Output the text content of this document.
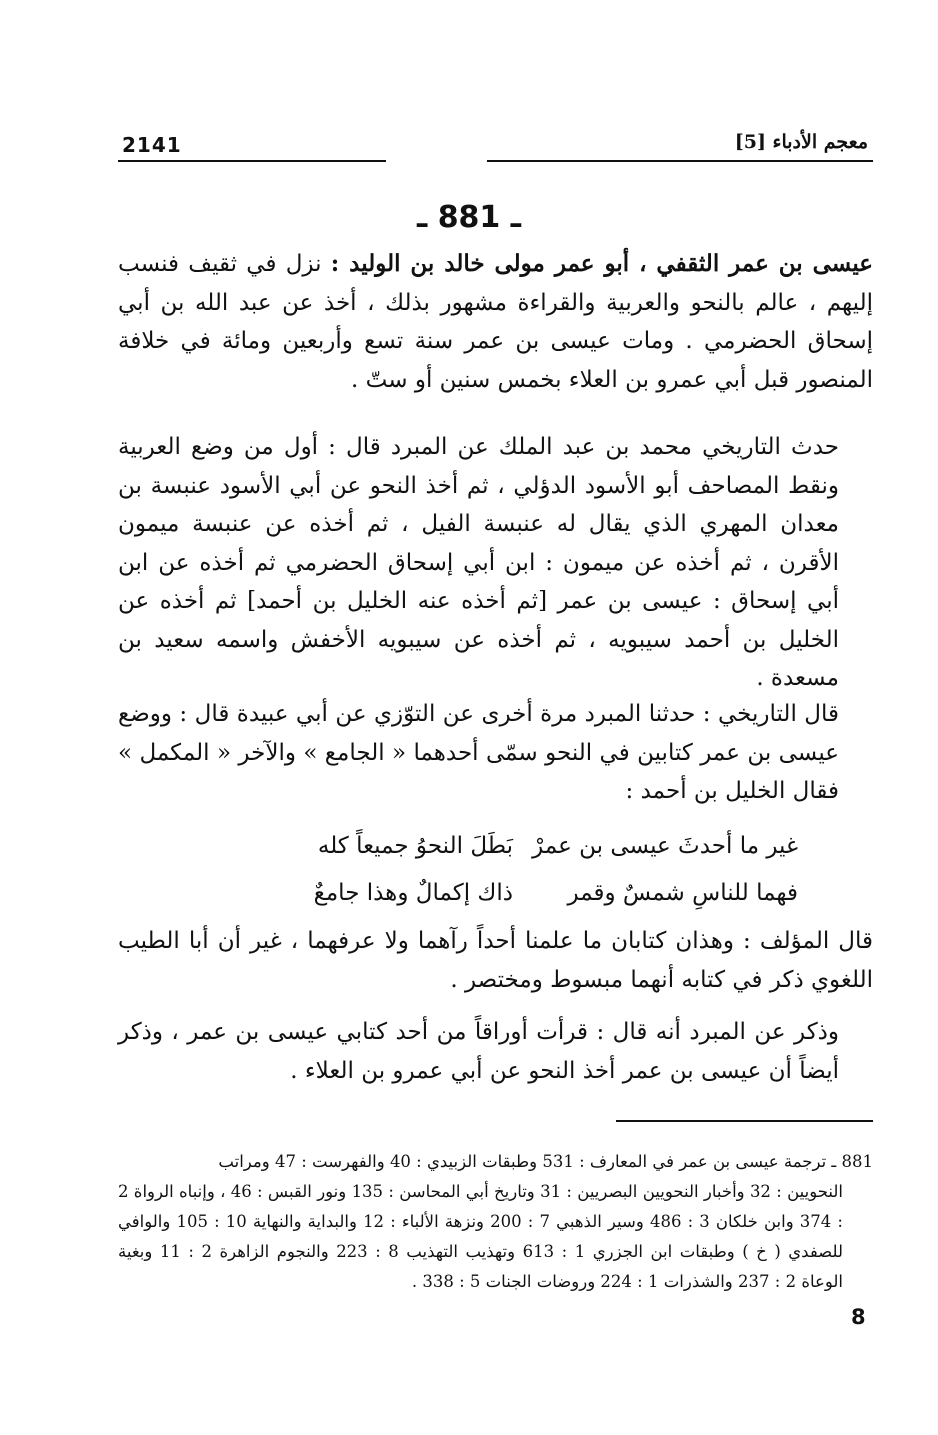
2141	معجم الأدباء [5]
ـ 881 ـ

عيسى بن عمر الثقفي ، أبو عمر مولى خالد بن الوليد : نزل في ثقيف فنسب إليهم ، عالم بالنحو والعربية والقراءة مشهور بذلك ، أخذ عن عبد الله بن أبي إسحاق الحضرمي . ومات عيسى بن عمر سنة تسع وأربعين ومائة في خلافة المنصور قبل أبي عمرو بن العلاء بخمس سنين أو ستّ .

حدث التاريخي محمد بن عبد الملك عن المبرد قال : أول من وضع العربية ونقط المصاحف أبو الأسود الدؤلي ، ثم أخذ النحو عن أبي الأسود عنبسة بن معدان المهري الذي يقال له عنبسة الفيل ، ثم أخذه عن عنبسة ميمون الأقرن ، ثم أخذه عن ميمون : ابن أبي إسحاق الحضرمي ثم أخذه عن ابن أبي إسحاق : عيسى بن عمر [ثم أخذه عنه الخليل بن أحمد] ثم أخذه عن الخليل بن أحمد سيبويه ، ثم أخذه عن سيبويه الأخفش واسمه سعيد بن مسعدة .

قال التاريخي : حدثنا المبرد مرة أخرى عن التوّزي عن أبي عبيدة قال : ووضع عيسى بن عمر كتابين في النحو سمّى أحدهما « الجامع » والآخر « المكمل » فقال الخليل بن أحمد :

غير ما أحدثَ عيسى بن عمرْ
بَطَلَ النحوُ جميعاً كله
فهما للناسِ شمسٌ وقمر
ذاك إكمالٌ وهذا جامعٌ

قال المؤلف : وهذان كتابان ما علمنا أحداً رآهما ولا عرفهما ، غير أن أبا الطيب اللغوي ذكر في كتابه أنهما مبسوط ومختصر .

وذكر عن المبرد أنه قال : قرأت أوراقاً من أحد كتابي عيسى بن عمر ، وذكر أيضاً أن عيسى بن عمر أخذ النحو عن أبي عمرو بن العلاء .

881 ـ ترجمة عيسى بن عمر في المعارف : 531 وطبقات الزبيدي : 40 والفهرست : 47 ومراتب

النحويين : 32 وأخبار النحويين البصريين : 31 وتاريخ أبي المحاسن : 135 ونور القبس : 46 ، وإنباه الرواة 2 : 374 وابن خلكان 3 : 486 وسير الذهبي 7 : 200 ونزهة الألباء : 12 والبداية والنهاية 10 : 105 والوافي للصفدي ( خ ) وطبقات ابن الجزري 1 : 613 وتهذيب التهذيب 8 : 223 والنجوم الزاهرة 2 : 11 وبغية الوعاة 2 : 237 والشذرات 1 : 224 وروضات الجنات 5 : 338 .

8
